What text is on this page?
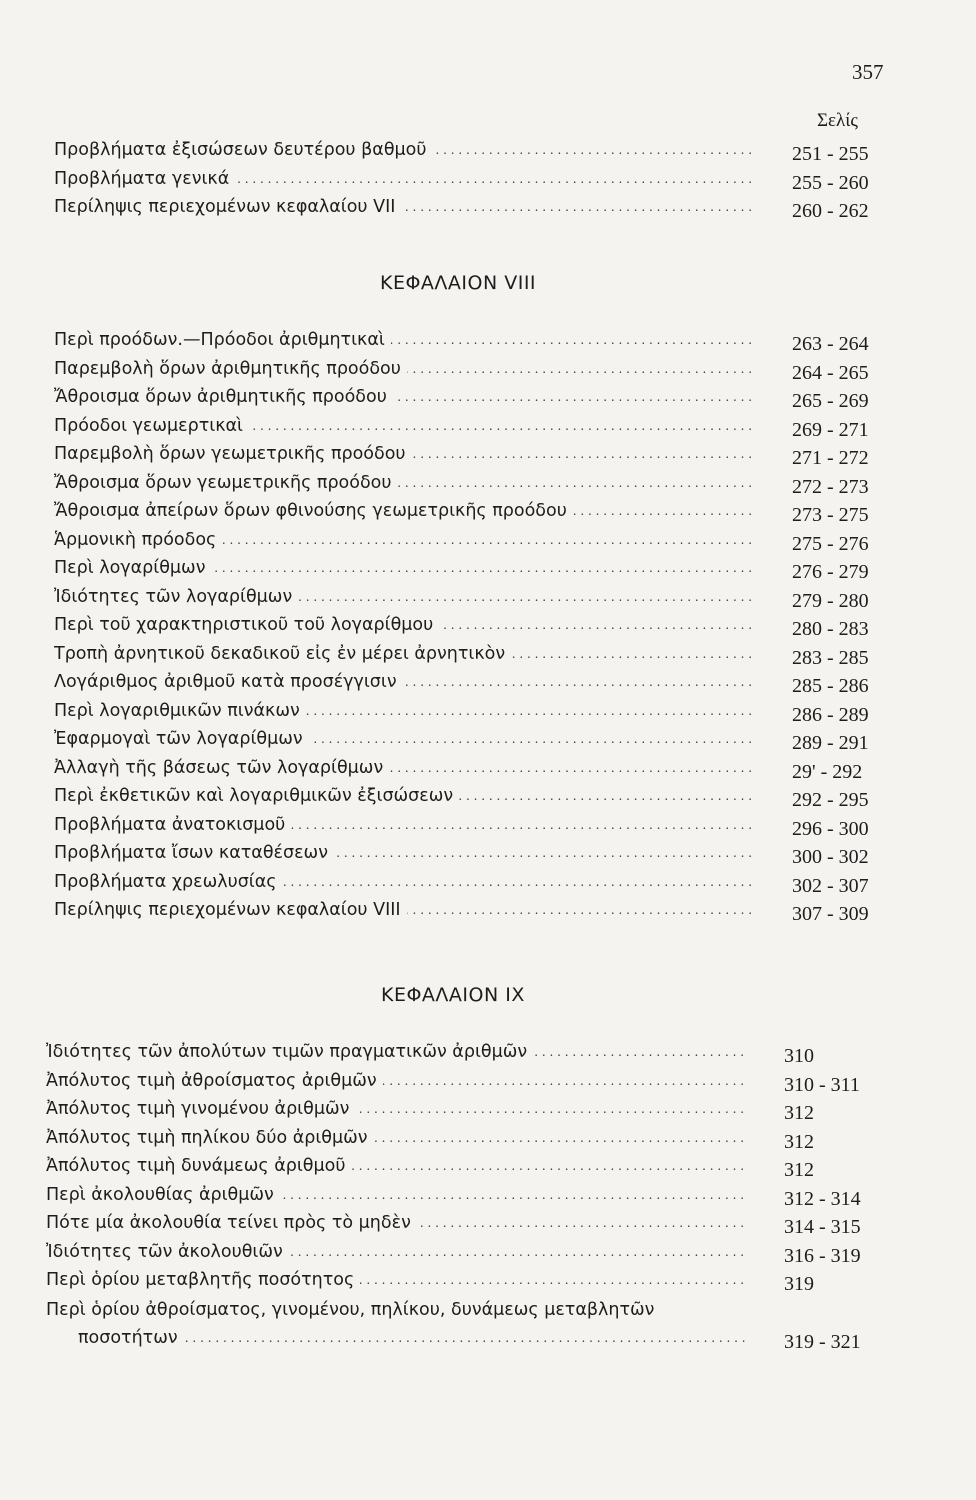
357
Σελίς
Προβλήματα ἐξισώσεων δευτέρου βαθμοῦ . . .	251 - 255
Προβλήματα γενικά . . .	255 - 260
Περίληψις περιεχομένων κεφαλαίου VII . . .	260 - 262
ΚΕΦΑΛΑΙΟΝ VIII
Περὶ προόδων.—Πρόοδοι ἀριθμητικαὶ . . .	263 - 264
Παρεμβολὴ ὅρων ἀριθμητικῆς προόδου . . .	264 - 265
Ἄθροισμα ὅρων ἀριθμητικῆς προόδου . . .	265 - 269
Πρόοδοι γεωμερτικαὶ . . .	269 - 271
Παρεμβολὴ ὅρων γεωμετρικῆς προόδου . . .	271 - 272
Ἄθροισμα ὅρων γεωμετρικῆς προόδου . . .	272 - 273
Ἄθροισμα ἀπείρων ὅρων φθινούσης γεωμετρικῆς προόδου . . .	273 - 275
Ἁρμονικὴ πρόοδος . . .	275 - 276
Περὶ λογαρίθμων . . .	276 - 279
Ἰδιότητες τῶν λογαρίθμων . . .	279 - 280
Περὶ τοῦ χαρακτηριστικοῦ τοῦ λογαρίθμου . . .	280 - 283
Τροπὴ ἀρνητικοῦ δεκαδικοῦ εἰς ἐν μέρει ἀρνητικὸν . . .	283 - 285
Λογάριθμος ἀριθμοῦ κατὰ προσέγγισιν . . .	285 - 286
Περὶ λογαριθμικῶν πινάκων . . .	286 - 289
Ἐφαρμογαὶ τῶν λογαρίθμων . . .	289 - 291
Ἀλλαγὴ τῆς βάσεως τῶν λογαρίθμων . . .	29' - 292
Περὶ ἐκθετικῶν καὶ λογαριθμικῶν ἐξισώσεων . . .	292 - 295
Προβλήματα ἀνατοκισμοῦ . . .	296 - 300
Προβλήματα ἴσων καταθέσεων . . .	300 - 302
Προβλήματα χρεωλυσίας . . .	302 - 307
Περίληψις περιεχομένων κεφαλαίου VIII . . .	307 - 309
ΚΕΦΑΛΑΙΟΝ IX
Ἰδιότητες τῶν ἀπολύτων τιμῶν πραγματικῶν ἀριθμῶν . . .	310
Ἀπόλυτος τιμὴ ἀθροίσματος ἀριθμῶν . . .	310 - 311
Ἀπόλυτος τιμὴ γινομένου ἀριθμῶν . . .	312
Ἀπόλυτος τιμὴ πηλίκου δύο ἀριθμῶν . . .	312
Ἀπόλυτος τιμὴ δυνάμεως ἀριθμοῦ . . .	312
Περὶ ἀκολουθίας ἀριθμῶν . . .	312 - 314
Πότε μία ἀκολουθία τείνει πρὸς τὸ μηδὲν . . .	314 - 315
Ἰδιότητες τῶν ἀκολουθιῶν . . .	316 - 319
Περὶ ὁρίου μεταβλητῆς ποσότητος . . .	319
Περὶ ὁρίου ἀθροίσματος, γινομένου, πηλίκου, δυνάμεως μεταβλητῶν
ποσοτήτων . . .	319 - 321
